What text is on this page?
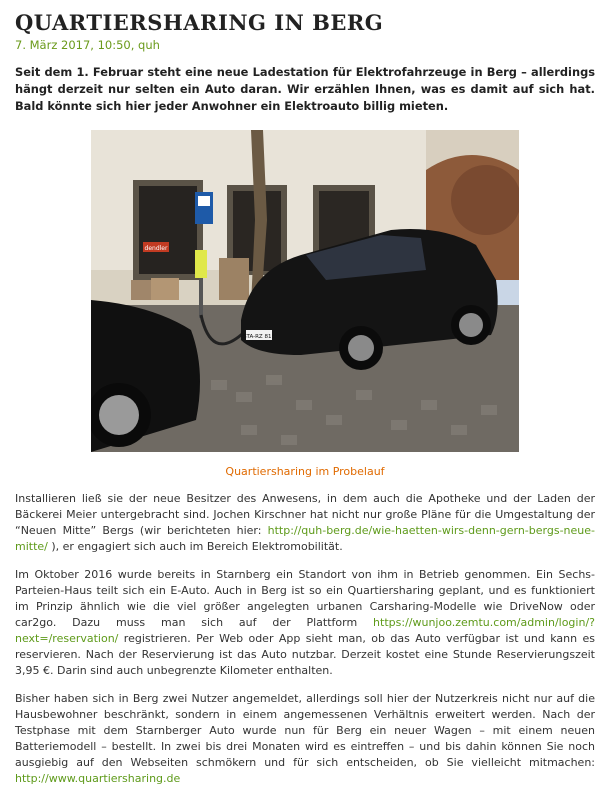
QUARTIERSHARING IN BERG
7. März 2017, 10:50, quh
Seit dem 1. Februar steht eine neue Ladestation für Elektrofahrzeuge in Berg – allerdings hängt derzeit nur selten ein Auto daran. Wir erzählen Ihnen, was es damit auf sich hat. Bald könnte sich hier jeder Anwohner ein Elektroauto billig mieten.
dendler
STA-RZ 81E
Quartiersharing im Probelauf
Installieren ließ sie der neue Besitzer des Anwesens, in dem auch die Apotheke und der Laden der Bäckerei Meier untergebracht sind. Jochen Kirschner hat nicht nur große Pläne für die Umgestaltung der “Neuen Mitte” Bergs (wir berichteten hier: http://quh-berg.de/wie-haetten-wirs-denn-gern-bergs-neue-mitte/ ), er engagiert sich auch im Bereich Elektromobilität.
Im Oktober 2016 wurde bereits in Starnberg ein Standort von ihm in Betrieb genommen. Ein Sechs-Parteien-Haus teilt sich ein E-Auto. Auch in Berg ist so ein Quartiersharing geplant, und es funktioniert im Prinzip ähnlich wie die viel größer angelegten urbanen Carsharing-Modelle wie DriveNow oder car2go. Dazu muss man sich auf der Plattform https://wunjoo.zemtu.com/admin/login/?next=/reservation/ registrieren. Per Web oder App sieht man, ob das Auto verfügbar ist und kann es reservieren. Nach der Reservierung ist das Auto nutzbar. Derzeit kostet eine Stunde Reservierungszeit 3,95 €. Darin sind auch unbegrenzte Kilometer enthalten.
Bisher haben sich in Berg zwei Nutzer angemeldet, allerdings soll hier der Nutzerkreis nicht nur auf die Hausbewohner beschränkt, sondern in einem angemessenen Verhältnis erweitert werden. Nach der Testphase mit dem Starnberger Auto wurde nun für Berg ein neuer Wagen – mit einem neuen Batteriemodell – bestellt. In zwei bis drei Monaten wird es eintreffen – und bis dahin können Sie noch ausgiebig auf den Webseiten schmökern und für sich entscheiden, ob Sie vielleicht mitmachen: http://www.quartiersharing.de
